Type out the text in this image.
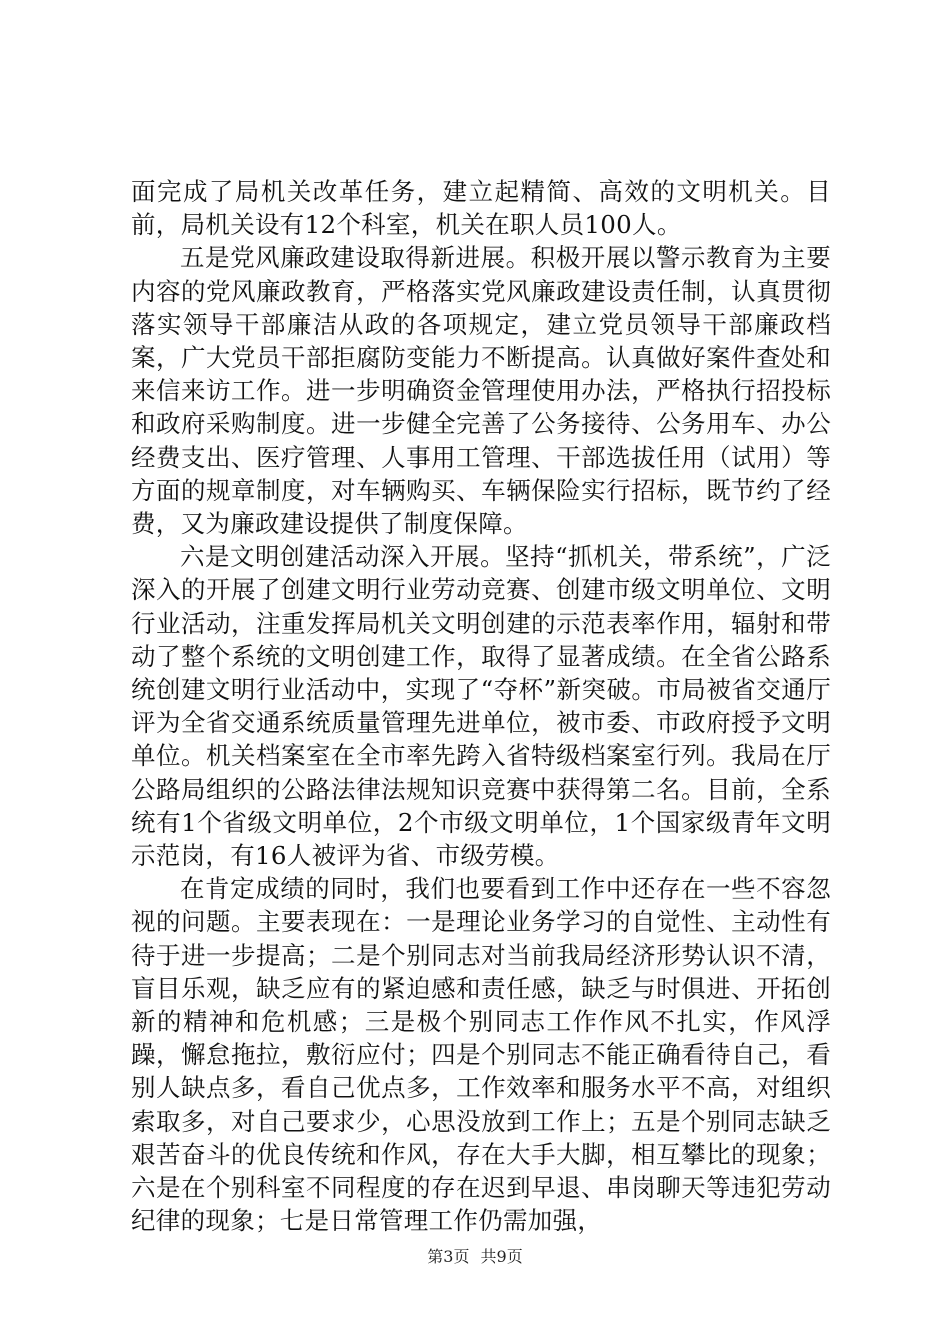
面完成了局机关改革任务，建立起精简、高效的文明机关。目前，局机关设有12个科室，机关在职人员100人。

五是党风廉政建设取得新进展。积极开展以警示教育为主要内容的党风廉政教育，严格落实党风廉政建设责任制，认真贯彻落实领导干部廉洁从政的各项规定，建立党员领导干部廉政档案，广大党员干部拒腐防变能力不断提高。认真做好案件查处和来信来访工作。进一步明确资金管理使用办法，严格执行招投标和政府采购制度。进一步健全完善了公务接待、公务用车、办公经费支出、医疗管理、人事用工管理、干部选拔任用（试用）等方面的规章制度，对车辆购买、车辆保险实行招标，既节约了经费，又为廉政建设提供了制度保障。

六是文明创建活动深入开展。坚持“抓机关，带系统”，广泛深入的开展了创建文明行业劳动竞赛、创建市级文明单位、文明行业活动，注重发挥局机关文明创建的示范表率作用，辐射和带动了整个系统的文明创建工作，取得了显著成绩。在全省公路系统创建文明行业活动中，实现了“夺杯”新突破。市局被省交通厅评为全省交通系统质量管理先进单位，被市委、市政府授予文明单位。机关档案室在全市率先跨入省特级档案室行列。我局在厅公路局组织的公路法律法规知识竞赛中获得第二名。目前，全系统有1个省级文明单位，2个市级文明单位，1个国家级青年文明示范岗，有16人被评为省、市级劳模。

在肯定成绩的同时，我们也要看到工作中还存在一些不容忽视的问题。主要表现在：一是理论业务学习的自觉性、主动性有待于进一步提高；二是个别同志对当前我局经济形势认识不清，盲目乐观，缺乏应有的紧迫感和责任感，缺乏与时俱进、开拓创新的精神和危机感；三是极个别同志工作作风不扎实，作风浮躁，懈怠拖拉，敷衍应付；四是个别同志不能正确看待自己，看别人缺点多，看自己优点多，工作效率和服务水平不高，对组织索取多，对自己要求少，心思没放到工作上；五是个别同志缺乏艰苦奋斗的优良传统和作风，存在大手大脚，相互攀比的现象；六是在个别科室不同程度的存在迟到早退、串岗聊天等违犯劳动纪律的现象；七是日常管理工作仍需加强，

第3页 共9页
